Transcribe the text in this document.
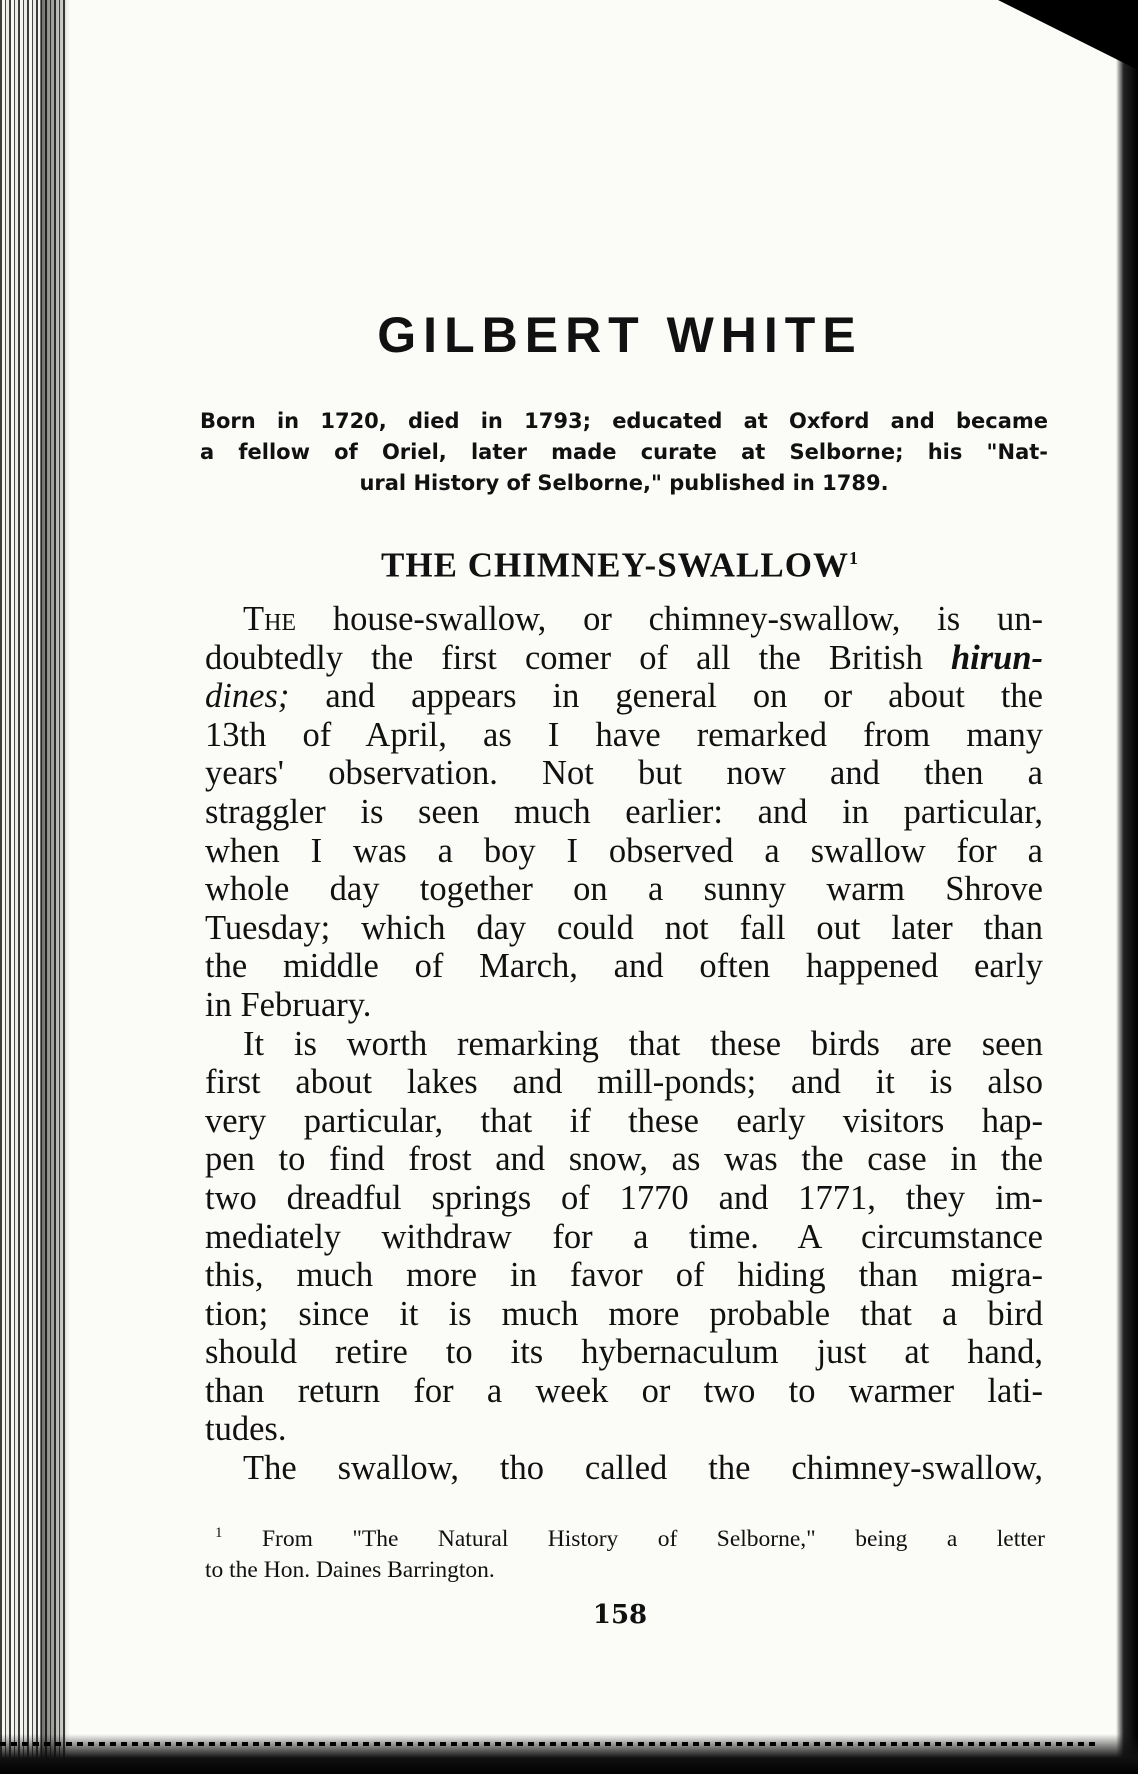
GILBERT WHITE
Born in 1720, died in 1793; educated at Oxford and became
a fellow of Oriel, later made curate at Selborne; his "Nat-
ural History of Selborne," published in 1789.
THE CHIMNEY-SWALLOW$^1$

The house-swallow, or chimney-swallow, is un-

doubtedly the first comer of all the British hirun-

dines; and appears in general on or about the

13th of April, as I have remarked from many

years' observation. Not but now and then a

straggler is seen much earlier: and in particular,

when I was a boy I observed a swallow for a

whole day together on a sunny warm Shrove

Tuesday; which day could not fall out later than

the middle of March, and often happened early

in February.

It is worth remarking that these birds are seen

first about lakes and mill-ponds; and it is also

very particular, that if these early visitors hap-

pen to find frost and snow, as was the case in the

two dreadful springs of 1770 and 1771, they im-

mediately withdraw for a time. A circumstance

this, much more in favor of hiding than migra-

tion; since it is much more probable that a bird

should retire to its hybernaculum just at hand,

than return for a week or two to warmer lati-

tudes.

The swallow, tho called the chimney-swallow,

$^1$ From "The Natural History of Selborne," being a letter

to the Hon. Daines Barrington.

158
